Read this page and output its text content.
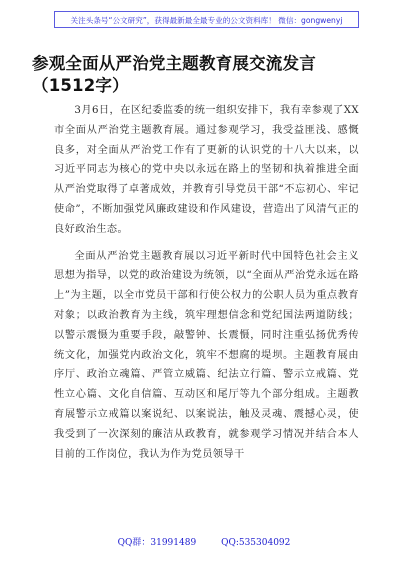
关注头条号“公文研究”，获得最新最全最专业的公文资料库！ 微信：gongwenyj
参观全面从严治党主题教育展交流发言
（1512字）

3月6日，在区纪委监委的统一组织安排下，我有幸参观了XX市全面从严治党主题教育展。通过参观学习，我受益匪浅、感慨良多，对全面从严治党工作有了更新的认识党的十八大以来，以习近平同志为核心的党中央以永远在路上的坚韧和执着推进全面从严治党取得了卓著成效，并教育引导党员干部“不忘初心、牢记使命”，不断加强党风廉政建设和作风建设，营造出了风清气正的良好政治生态。

全面从严治党主题教育展以习近平新时代中国特色社会主义思想为指导，以党的政治建设为统领，以“全面从严治党永远在路上”为主题，以全市党员干部和行使公权力的公职人员为重点教育对象；以政治教育为主线，筑牢理想信念和党纪国法两道防线；以警示震慑为重要手段，敲警钟、长震慑，同时注重弘扬优秀传统文化，加强党内政治文化，筑牢不想腐的堤坝。主题教育展由序厅、政治立魂篇、严管立威篇、纪法立行篇、警示立戒篇、党性立心篇、文化自信篇、互动区和尾厅等九个部分组成。主题教育展警示立戒篇以案说纪、以案说法，触及灵魂、震撼心灵，使我受到了一次深刻的廉洁从政教育，就参观学习情况并结合本人目前的工作岗位，我认为作为党员领导干

QQ群：31991489	QQ:535304092
